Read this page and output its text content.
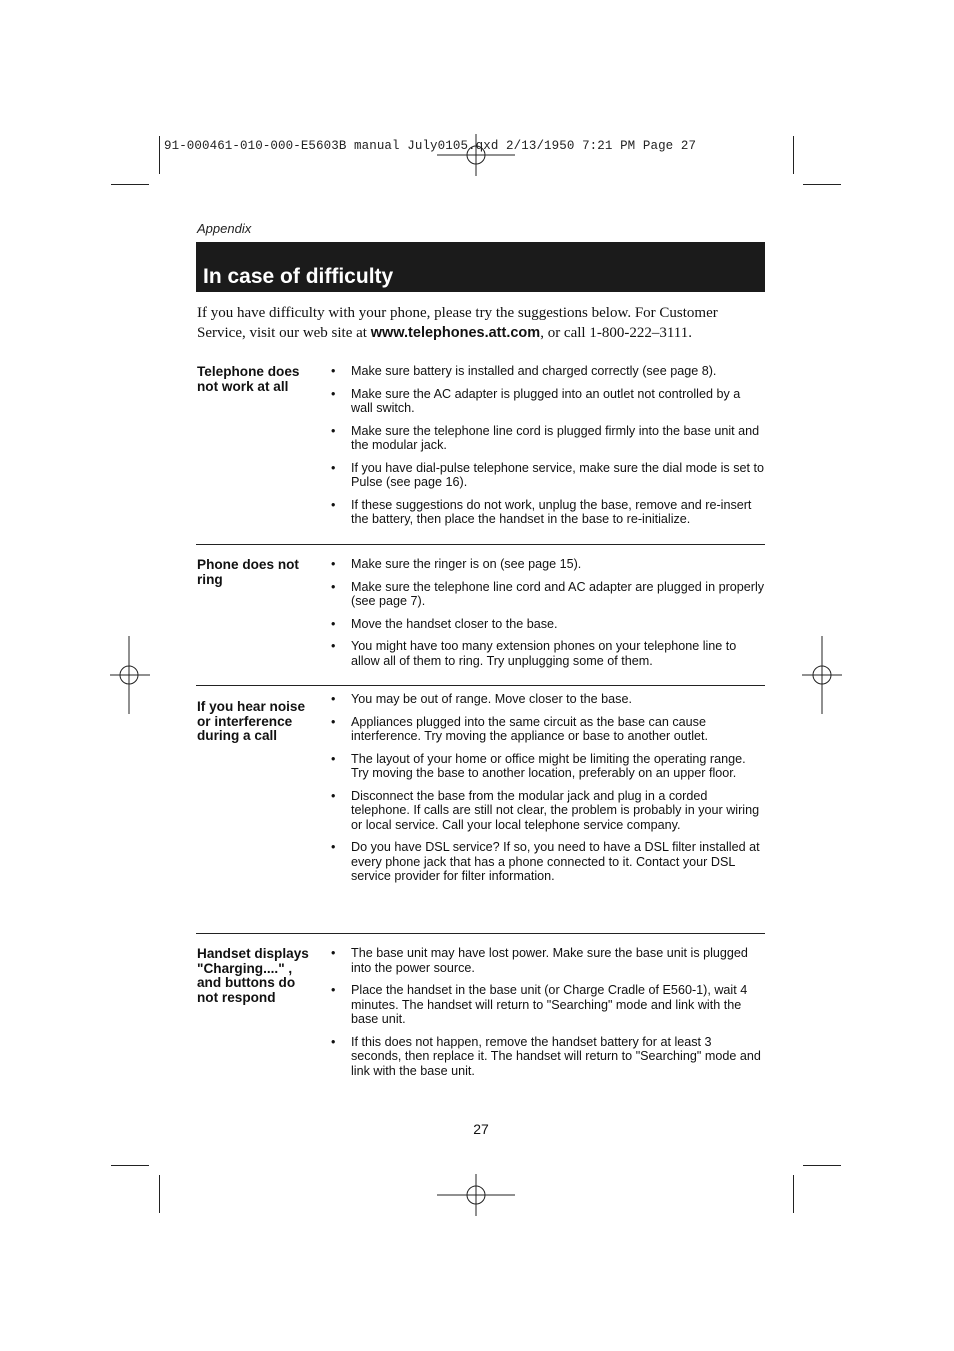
91-000461-010-000-E5603B manual July0105.qxd 2/13/1950 7:21 PM Page 27
Appendix
In case of difficulty
If you have difficulty with your phone, please try the suggestions below. For Customer Service, visit our web site at www.telephones.att.com, or call 1-800-222–3111.
Telephone does not work at all
• Make sure battery is installed and charged correctly (see page 8).
• Make sure the AC adapter is plugged into an outlet not controlled by a wall switch.
• Make sure the telephone line cord is plugged firmly into the base unit and the modular jack.
• If you have dial-pulse telephone service, make sure the dial mode is set to Pulse (see page 16).
• If these suggestions do not work, unplug the base, remove and re-insert the battery, then place the handset in the base to re-initialize.
Phone does not ring
• Make sure the ringer is on (see page 15).
• Make sure the telephone line cord and AC adapter are plugged in properly (see page 7).
• Move the handset closer to the base.
• You might have too many extension phones on your telephone line to allow all of them to ring. Try unplugging some of them.
If you hear noise or interference during a call
• You may be out of range. Move closer to the base.
• Appliances plugged into the same circuit as the base can cause interference. Try moving the appliance or base to another outlet.
• The layout of your home or office might be limiting the operating range. Try moving the base to another location, preferably on an upper floor.
• Disconnect the base from the modular jack and plug in a corded telephone. If calls are still not clear, the problem is probably in your wiring or local service. Call your local telephone service company.
• Do you have DSL service? If so, you need to have a DSL filter installed at every phone jack that has a phone connected to it. Contact your DSL service provider for filter information.
Handset displays "Charging...." , and buttons do not respond
• The base unit may have lost power. Make sure the base unit is plugged into the power source.
• Place the handset in the base unit (or Charge Cradle of E560-1), wait 4 minutes. The handset will return to "Searching" mode and link with the base unit.
• If this does not happen, remove the handset battery for at least 3 seconds, then replace it. The handset will return to "Searching" mode and link with the base unit.
27
